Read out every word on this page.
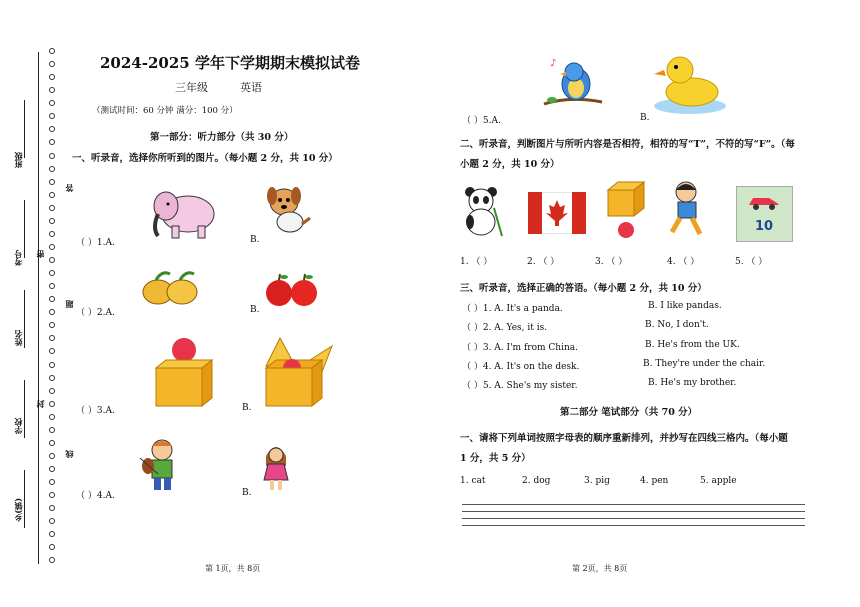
班级
考号
姓名
学校
乡(镇)
答
密
题
封
线
2024-2025 学年下学期期末模拟试卷
三年级	英语
（测试时间：60 分钟 满分：100 分）
第一部分：听力部分（共 30 分）
一、听录音，选择你所听到的图片。（每小题 2 分，共 10 分）
（ ）1.A.	B.
（ ）2.A.	B.
（ ）3.A.	B.
（ ）4.A.	B.
第 1页，共 8页
（ ）5.A.
♪
B.
二、听录音，判断图片与所听内容是否相符，相符的写“T”，不符的写“F”。（每
小题 2 分，共 10 分）
10
1. （ ）	2. （ ）	3. （ ）	4. （ ）	5. （ ）
三、听录音，选择正确的答语。（每小题 2 分，共 10 分）
（ ）1. A. It's a panda.	B. I like pandas.
（ ）2. A. Yes, it is.	B. No, I don't.
（ ）3. A. I'm from China.	B. He's from the UK.
（ ）4. A. It's on the desk.	B. They're under the chair.
（ ）5. A. She's my sister.	B. He's my brother.
第二部分 笔试部分（共 70 分）
一、请将下列单词按照字母表的顺序重新排列，并抄写在四线三格内。（每小题
1 分，共 5 分）
1. cat	2. dog	3. pig	4. pen	5. apple
第 2页，共 8页
